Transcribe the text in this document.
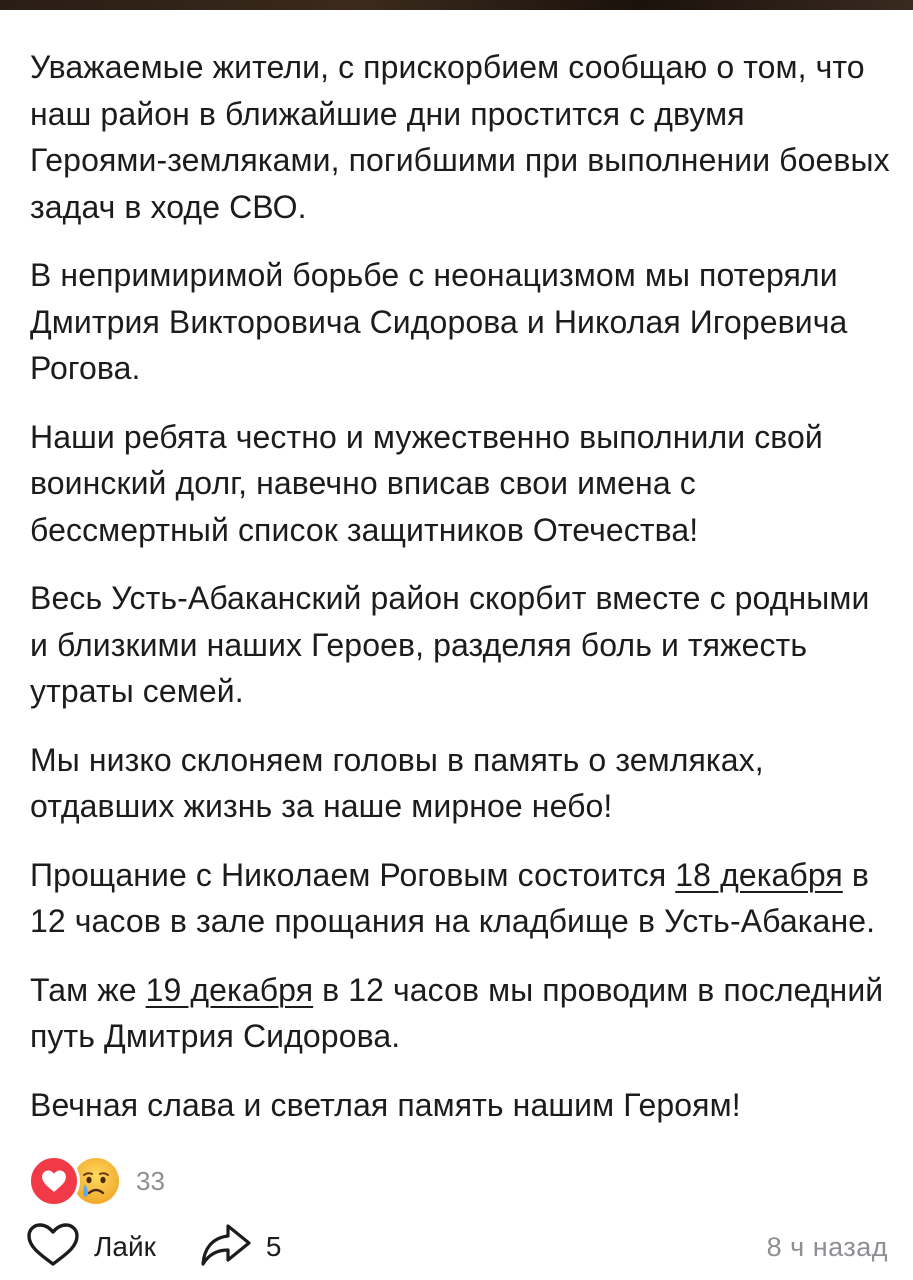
Уважаемые жители, с прискорбием сообщаю о том, что наш район в ближайшие дни простится с двумя Героями-земляками, погибшими при выполнении боевых задач в ходе СВО.

В непримиримой борьбе с неонацизмом мы потеряли Дмитрия Викторовича Сидорова и Николая Игоревича Рогова.

Наши ребята честно и мужественно выполнили свой воинский долг, навечно вписав свои имена с бессмертный список защитников Отечества!

Весь Усть-Абаканский район скорбит вместе с родными и близкими наших Героев, разделяя боль и тяжесть утраты семей.

Мы низко склоняем головы в память о земляках, отдавших жизнь за наше мирное небо!

Прощание с Николаем Роговым состоится 18 декабря в 12 часов в зале прощания на кладбище в Усть-Абакане.

Там же 19 декабря в 12 часов мы проводим в последний путь Дмитрия Сидорова.

Вечная слава и светлая память нашим Героям!

33
Лайк	5	8 ч назад
